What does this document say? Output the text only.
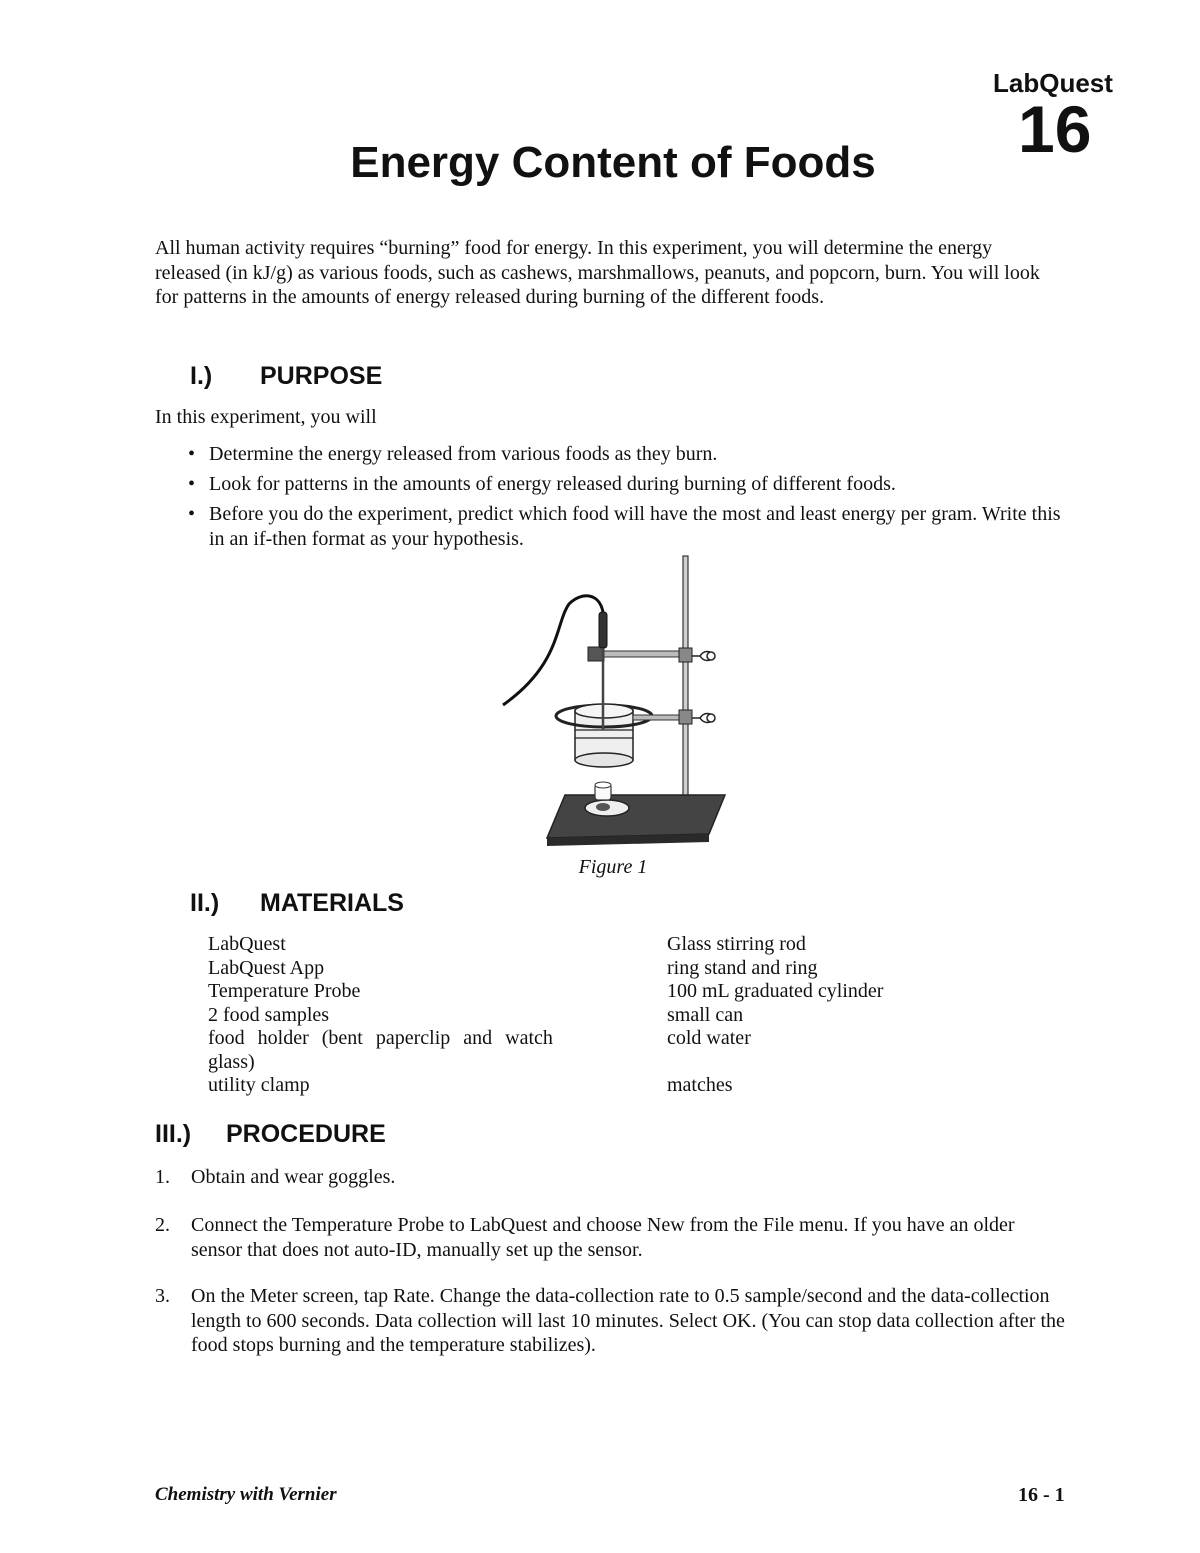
LabQuest
16
Energy Content of Foods
All human activity requires “burning” food for energy. In this experiment, you will determine the energy released (in kJ/g) as various foods, such as cashews, marshmallows, peanuts, and popcorn, burn. You will look for patterns in the amounts of energy released during burning of the different foods.
I.) PURPOSE
In this experiment, you will
• Determine the energy released from various foods as they burn.
• Look for patterns in the amounts of energy released during burning of different foods.
• Before you do the experiment, predict which food will have the most and least energy per gram. Write this in an if-then format as your hypothesis.
Figure 1
II.) MATERIALS
LabQuest
LabQuest App
Temperature Probe
2 food samples
food holder (bent paperclip and watch
glass)
utility clamp
Glass stirring rod
ring stand and ring
100 mL graduated cylinder
small can
cold water
matches
III.) PROCEDURE
1. Obtain and wear goggles.
2. Connect the Temperature Probe to LabQuest and choose New from the File menu. If you have an older sensor that does not auto-ID, manually set up the sensor.
3. On the Meter screen, tap Rate. Change the data-collection rate to 0.5 sample/second and the data-collection length to 600 seconds. Data collection will last 10 minutes. Select OK. (You can stop data collection after the food stops burning and the temperature stabilizes).
Chemistry with Vernier	16 - 1
